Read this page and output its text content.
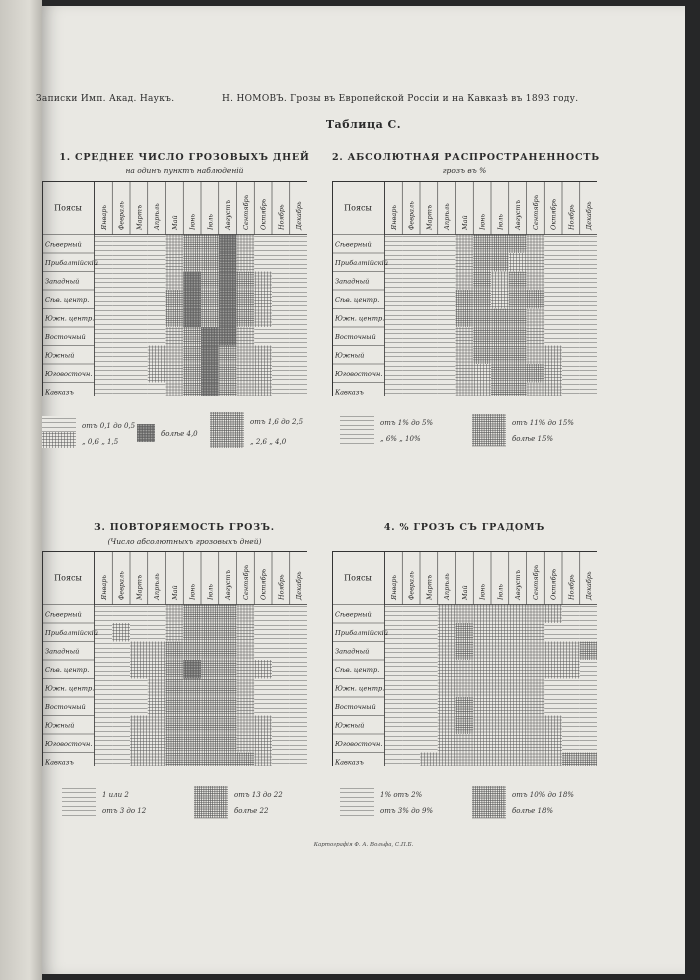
Записки Имп. Акад. Наукъ.	Н. НОМОВЪ. Грозы въ Европейской Россiи и на Кавказѣ въ 1893 году.
Таблица С.
1. СРЕДНЕЕ ЧИСЛО ГРОЗОВЫХЪ ДНЕЙ
на одинъ пунктъ наблюденiй
2. АБСОЛЮТНАЯ РАСПРОСТРАНЕННОСТЬ
грозъ въ %
3. ПОВТОРЯЕМОСТЬ ГРОЗЪ.
(Число абсолютныхъ грозовыхъ дней)
4. % ГРОЗЪ СЪ ГРАДОМЪ
Поясы	Январь Февраль Мартъ Апрѣль Май Iюнь Iюль Августъ Сентябрь Октябрь Ноябрь Декабрь
Сѣверный
Прибалтiйскiй
Западный
Сѣв. центр.
Южн. центр.
Восточный
Южный
Юговосточн.
Кавказъ
Поясы	Январь Февраль Мартъ Апрѣль Май Iюнь Iюль Августъ Сентябрь Октябрь Ноябрь Декабрь
Сѣверный
Прибалтiйскiй
Западный
Сѣв. центр.
Южн. центр.
Восточный
Южный
Юговосточн.
Кавказъ
Поясы	Январь Февраль Мартъ Апрѣль Май Iюнь Iюль Августъ Сентябрь Октябрь Ноябрь Декабрь
Сѣверный
Прибалтiйскiй
Западный
Сѣв. центр.
Южн. центр.
Восточный
Южный
Юговосточн.
Кавказъ
Поясы	Январь Февраль Мартъ Апрѣль Май Iюнь Iюль Августъ Сентябрь Октябрь Ноябрь Декабрь
Сѣверный
Прибалтiйскiй
Западный
Сѣв. центр.
Южн. центр.
Восточный
Южный
Юговосточн.
Кавказъ
отъ 0,1 до 0,5
„ 0,6 „ 1,5
болѣе 4,0
отъ 1,6 до 2,5
„ 2,6 „ 4,0
отъ 1% до 5%
„ 6% „ 10%
отъ 11% до 15%
болѣе 15%
1 или 2
отъ 3 до 12
отъ 13 до 22
болѣе 22
1% отъ 2%
отъ 3% до 9%
отъ 10% до 18%
болѣе 18%
Картографiя Ф. А. Вольфа, С.П.Б.
